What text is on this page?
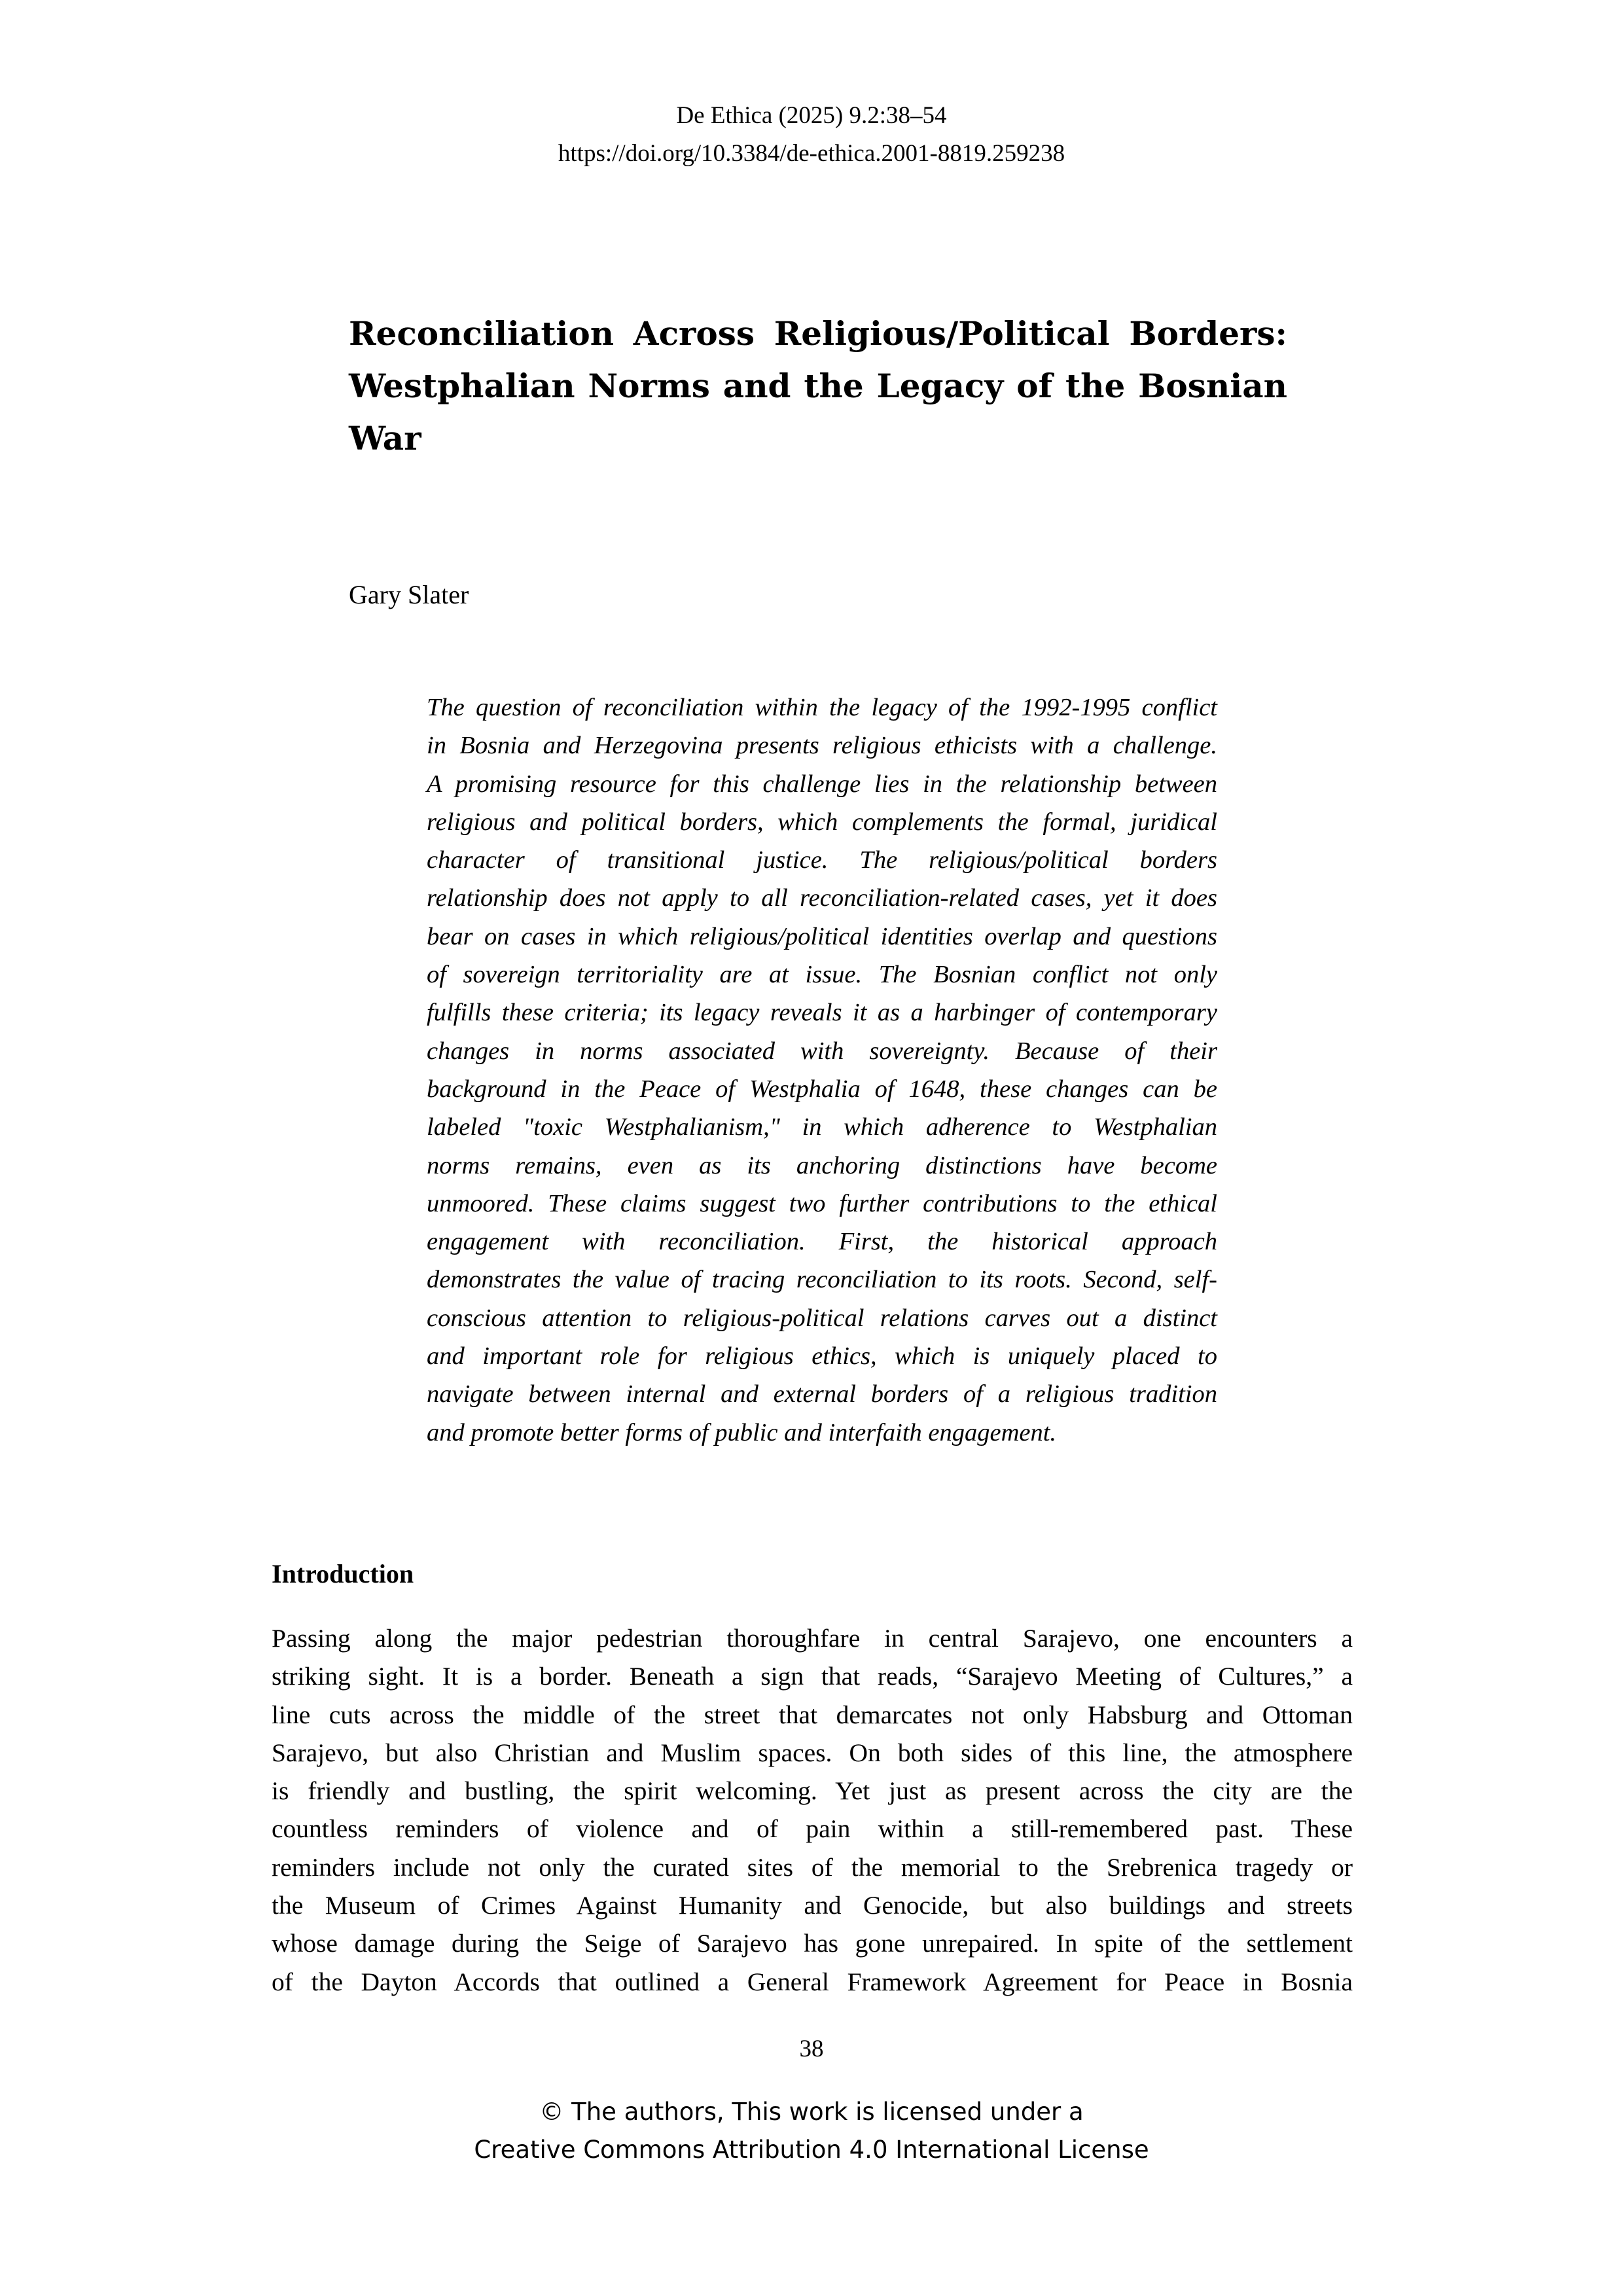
De Ethica (2025) 9.2:38–54
https://doi.org/10.3384/de-ethica.2001-8819.259238
Reconciliation Across Religious/Political Borders:
Westphalian Norms and the Legacy of the Bosnian
War
Gary Slater
The question of reconciliation within the legacy of the 1992-1995 conflict
in Bosnia and Herzegovina presents religious ethicists with a challenge.
A promising resource for this challenge lies in the relationship between
religious and political borders, which complements the formal, juridical
character of transitional justice. The religious/political borders
relationship does not apply to all reconciliation-related cases, yet it does
bear on cases in which religious/political identities overlap and questions
of sovereign territoriality are at issue. The Bosnian conflict not only
fulfills these criteria; its legacy reveals it as a harbinger of contemporary
changes in norms associated with sovereignty. Because of their
background in the Peace of Westphalia of 1648, these changes can be
labeled "toxic Westphalianism," in which adherence to Westphalian
norms remains, even as its anchoring distinctions have become
unmoored. These claims suggest two further contributions to the ethical
engagement with reconciliation. First, the historical approach
demonstrates the value of tracing reconciliation to its roots. Second, self-
conscious attention to religious-political relations carves out a distinct
and important role for religious ethics, which is uniquely placed to
navigate between internal and external borders of a religious tradition
and promote better forms of public and interfaith engagement.
Introduction
Passing along the major pedestrian thoroughfare in central Sarajevo, one encounters a
striking sight. It is a border. Beneath a sign that reads, “Sarajevo Meeting of Cultures,” a
line cuts across the middle of the street that demarcates not only Habsburg and Ottoman
Sarajevo, but also Christian and Muslim spaces. On both sides of this line, the atmosphere
is friendly and bustling, the spirit welcoming. Yet just as present across the city are the
countless reminders of violence and of pain within a still-remembered past. These
reminders include not only the curated sites of the memorial to the Srebrenica tragedy or
the Museum of Crimes Against Humanity and Genocide, but also buildings and streets
whose damage during the Seige of Sarajevo has gone unrepaired. In spite of the settlement
of the Dayton Accords that outlined a General Framework Agreement for Peace in Bosnia
38
© The authors, This work is licensed under a
Creative Commons Attribution 4.0 International License
